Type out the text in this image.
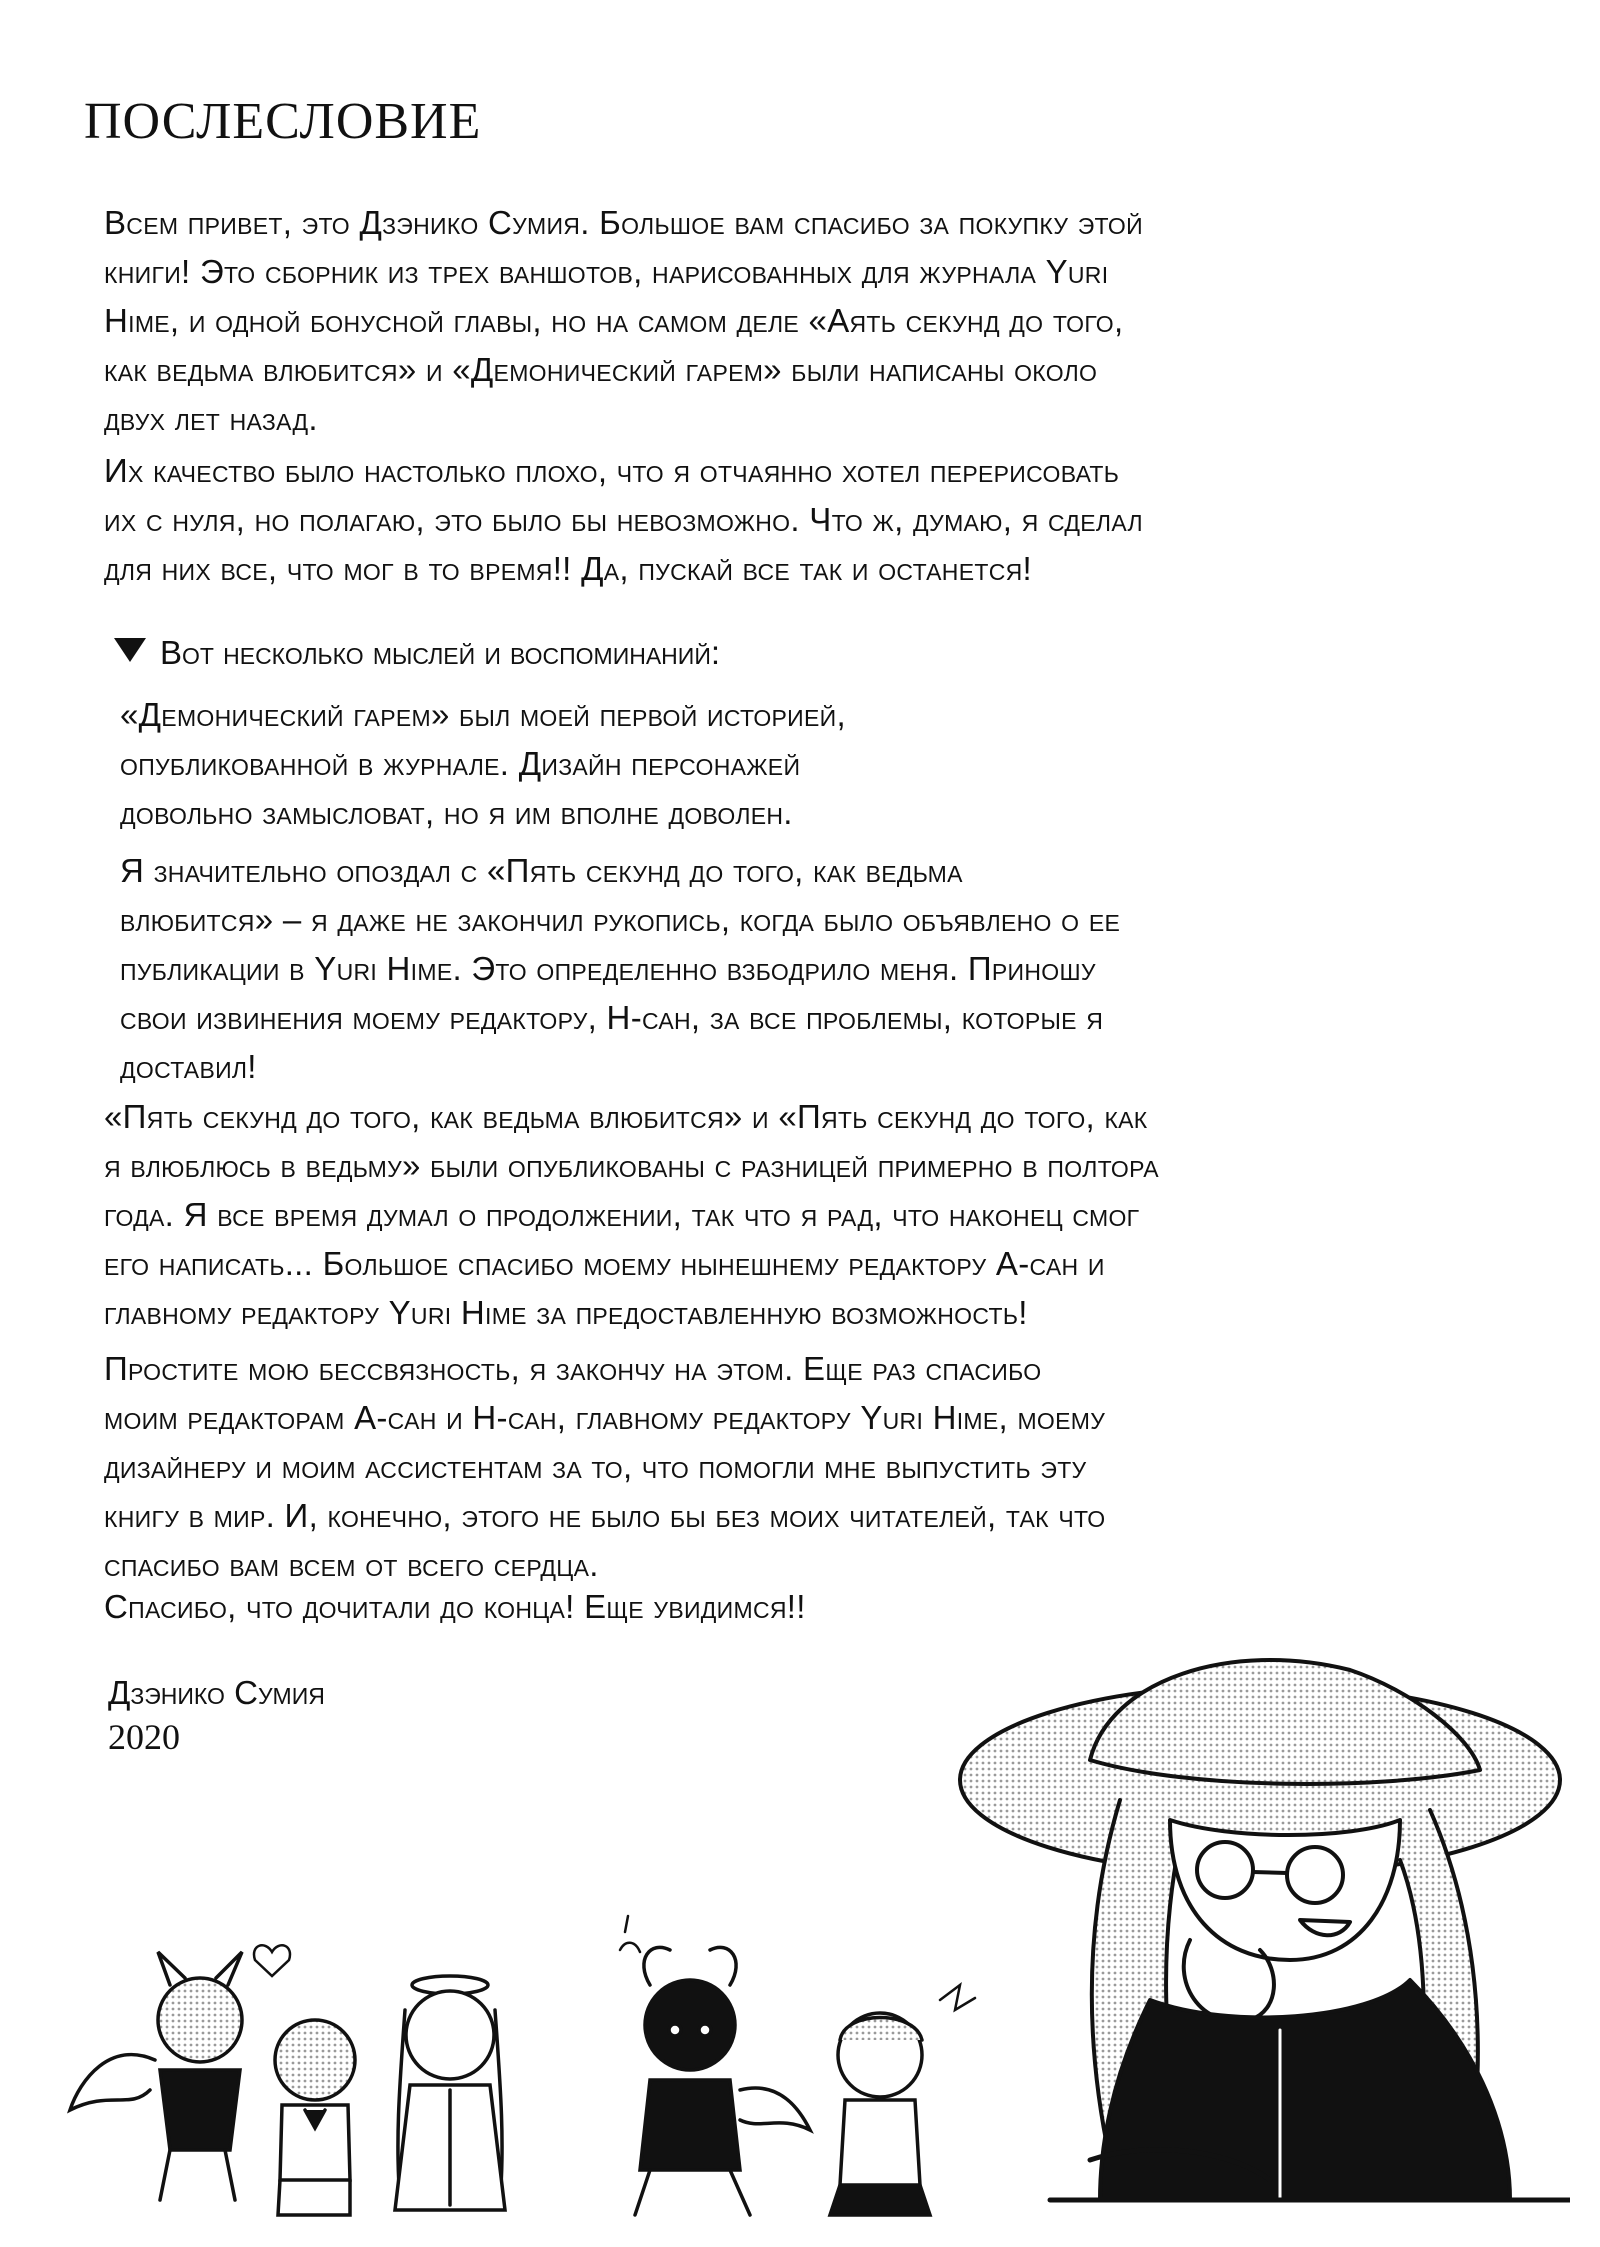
ПОСЛЕСЛОВИЕ

Всем привет, это Дзэнико Сумия. Большое вам спасибо за покупку этой
книги! Это сборник из трех ваншотов, нарисованных для журнала Yuri
Hime, и одной бонусной главы, но на самом деле «Аять секунд до того,
как ведьма влюбится» и «Демонический гарем» были написаны около
двух лет назад.

Их качество было настолько плохо, что я отчаянно хотел перерисовать
их с нуля, но полагаю, это было бы невозможно. Что ж, думаю, я сделал
для них все, что мог в то время!! Да, пускай все так и останется!

Вот несколько мыслей и воспоминаний:

«Демонический гарем» был моей первой историей,
опубликованной в журнале. Дизайн персонажей
довольно замысловат, но я им вполне доволен.

Я значительно опоздал с «Пять секунд до того, как ведьма
влюбится» – я даже не закончил рукопись, когда было объявлено о ее
публикации в Yuri Hime. Это определенно взбодрило меня. Приношу
свои извинения моему редактору, Н-сан, за все проблемы, которые я
доставил!

«Пять секунд до того, как ведьма влюбится» и «Пять секунд до того, как
я влюблюсь в ведьму» были опубликованы с разницей примерно в полтора
года. Я все время думал о продолжении, так что я рад, что наконец смог
его написать... Большое спасибо моему нынешнему редактору А-сан и
главному редактору Yuri Hime за предоставленную возможность!

Простите мою бессвязность, я закончу на этом. Еще раз спасибо
моим редакторам А-сан и Н-сан, главному редактору Yuri Hime, моему
дизайнеру и моим ассистентам за то, что помогли мне выпустить эту
книгу в мир. И, конечно, этого не было бы без моих читателей, так что
спасибо вам всем от всего сердца.

Спасибо, что дочитали до конца! Еще увидимся!!

Дзэнико Сумия

2020
